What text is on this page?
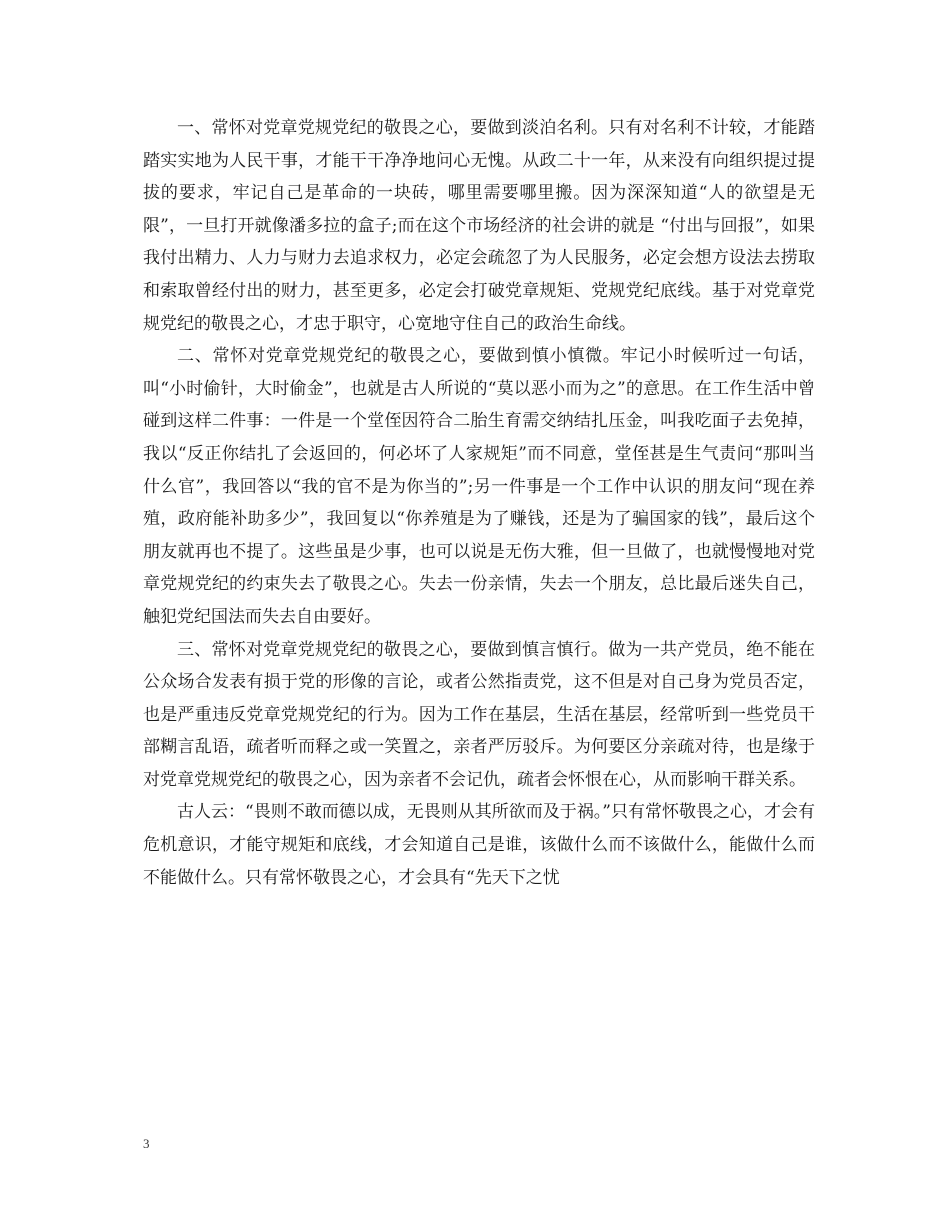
一、常怀对党章党规党纪的敬畏之心，要做到淡泊名利。只有对名利不计较，才能踏踏实实地为人民干事，才能干干净净地问心无愧。从政二十一年，从来没有向组织提过提拔的要求，牢记自己是革命的一块砖，哪里需要哪里搬。因为深深知道“人的欲望是无限”，一旦打开就像潘多拉的盒子;而在这个市场经济的社会讲的就是 “付出与回报”，如果我付出精力、人力与财力去追求权力，必定会疏忽了为人民服务，必定会想方设法去捞取和索取曾经付出的财力，甚至更多，必定会打破党章规矩、党规党纪底线。基于对党章党规党纪的敬畏之心，才忠于职守，心宽地守住自己的政治生命线。

二、常怀对党章党规党纪的敬畏之心，要做到慎小慎微。牢记小时候听过一句话，叫“小时偷针，大时偷金”，也就是古人所说的“莫以恶小而为之”的意思。在工作生活中曾碰到这样二件事：一件是一个堂侄因符合二胎生育需交纳结扎压金，叫我吃面子去免掉，我以“反正你结扎了会返回的，何必坏了人家规矩”而不同意，堂侄甚是生气责问“那叫当什么官”，我回答以“我的官不是为你当的”;另一件事是一个工作中认识的朋友问“现在养殖，政府能补助多少”，我回复以“你养殖是为了赚钱，还是为了骗国家的钱”，最后这个朋友就再也不提了。这些虽是少事，也可以说是无伤大雅，但一旦做了，也就慢慢地对党章党规党纪的约束失去了敬畏之心。失去一份亲情，失去一个朋友，总比最后迷失自己，触犯党纪国法而失去自由要好。

三、常怀对党章党规党纪的敬畏之心，要做到慎言慎行。做为一共产党员，绝不能在公众场合发表有损于党的形像的言论，或者公然指责党，这不但是对自己身为党员否定，也是严重违反党章党规党纪的行为。因为工作在基层，生活在基层，经常听到一些党员干部糊言乱语，疏者听而释之或一笑置之，亲者严厉驳斥。为何要区分亲疏对待，也是缘于对党章党规党纪的敬畏之心，因为亲者不会记仇，疏者会怀恨在心，从而影响干群关系。

古人云：“畏则不敢而德以成，无畏则从其所欲而及于祸。”只有常怀敬畏之心，才会有危机意识，才能守规矩和底线，才会知道自己是谁，该做什么而不该做什么，能做什么而不能做什么。只有常怀敬畏之心，才会具有“先天下之忧

3
